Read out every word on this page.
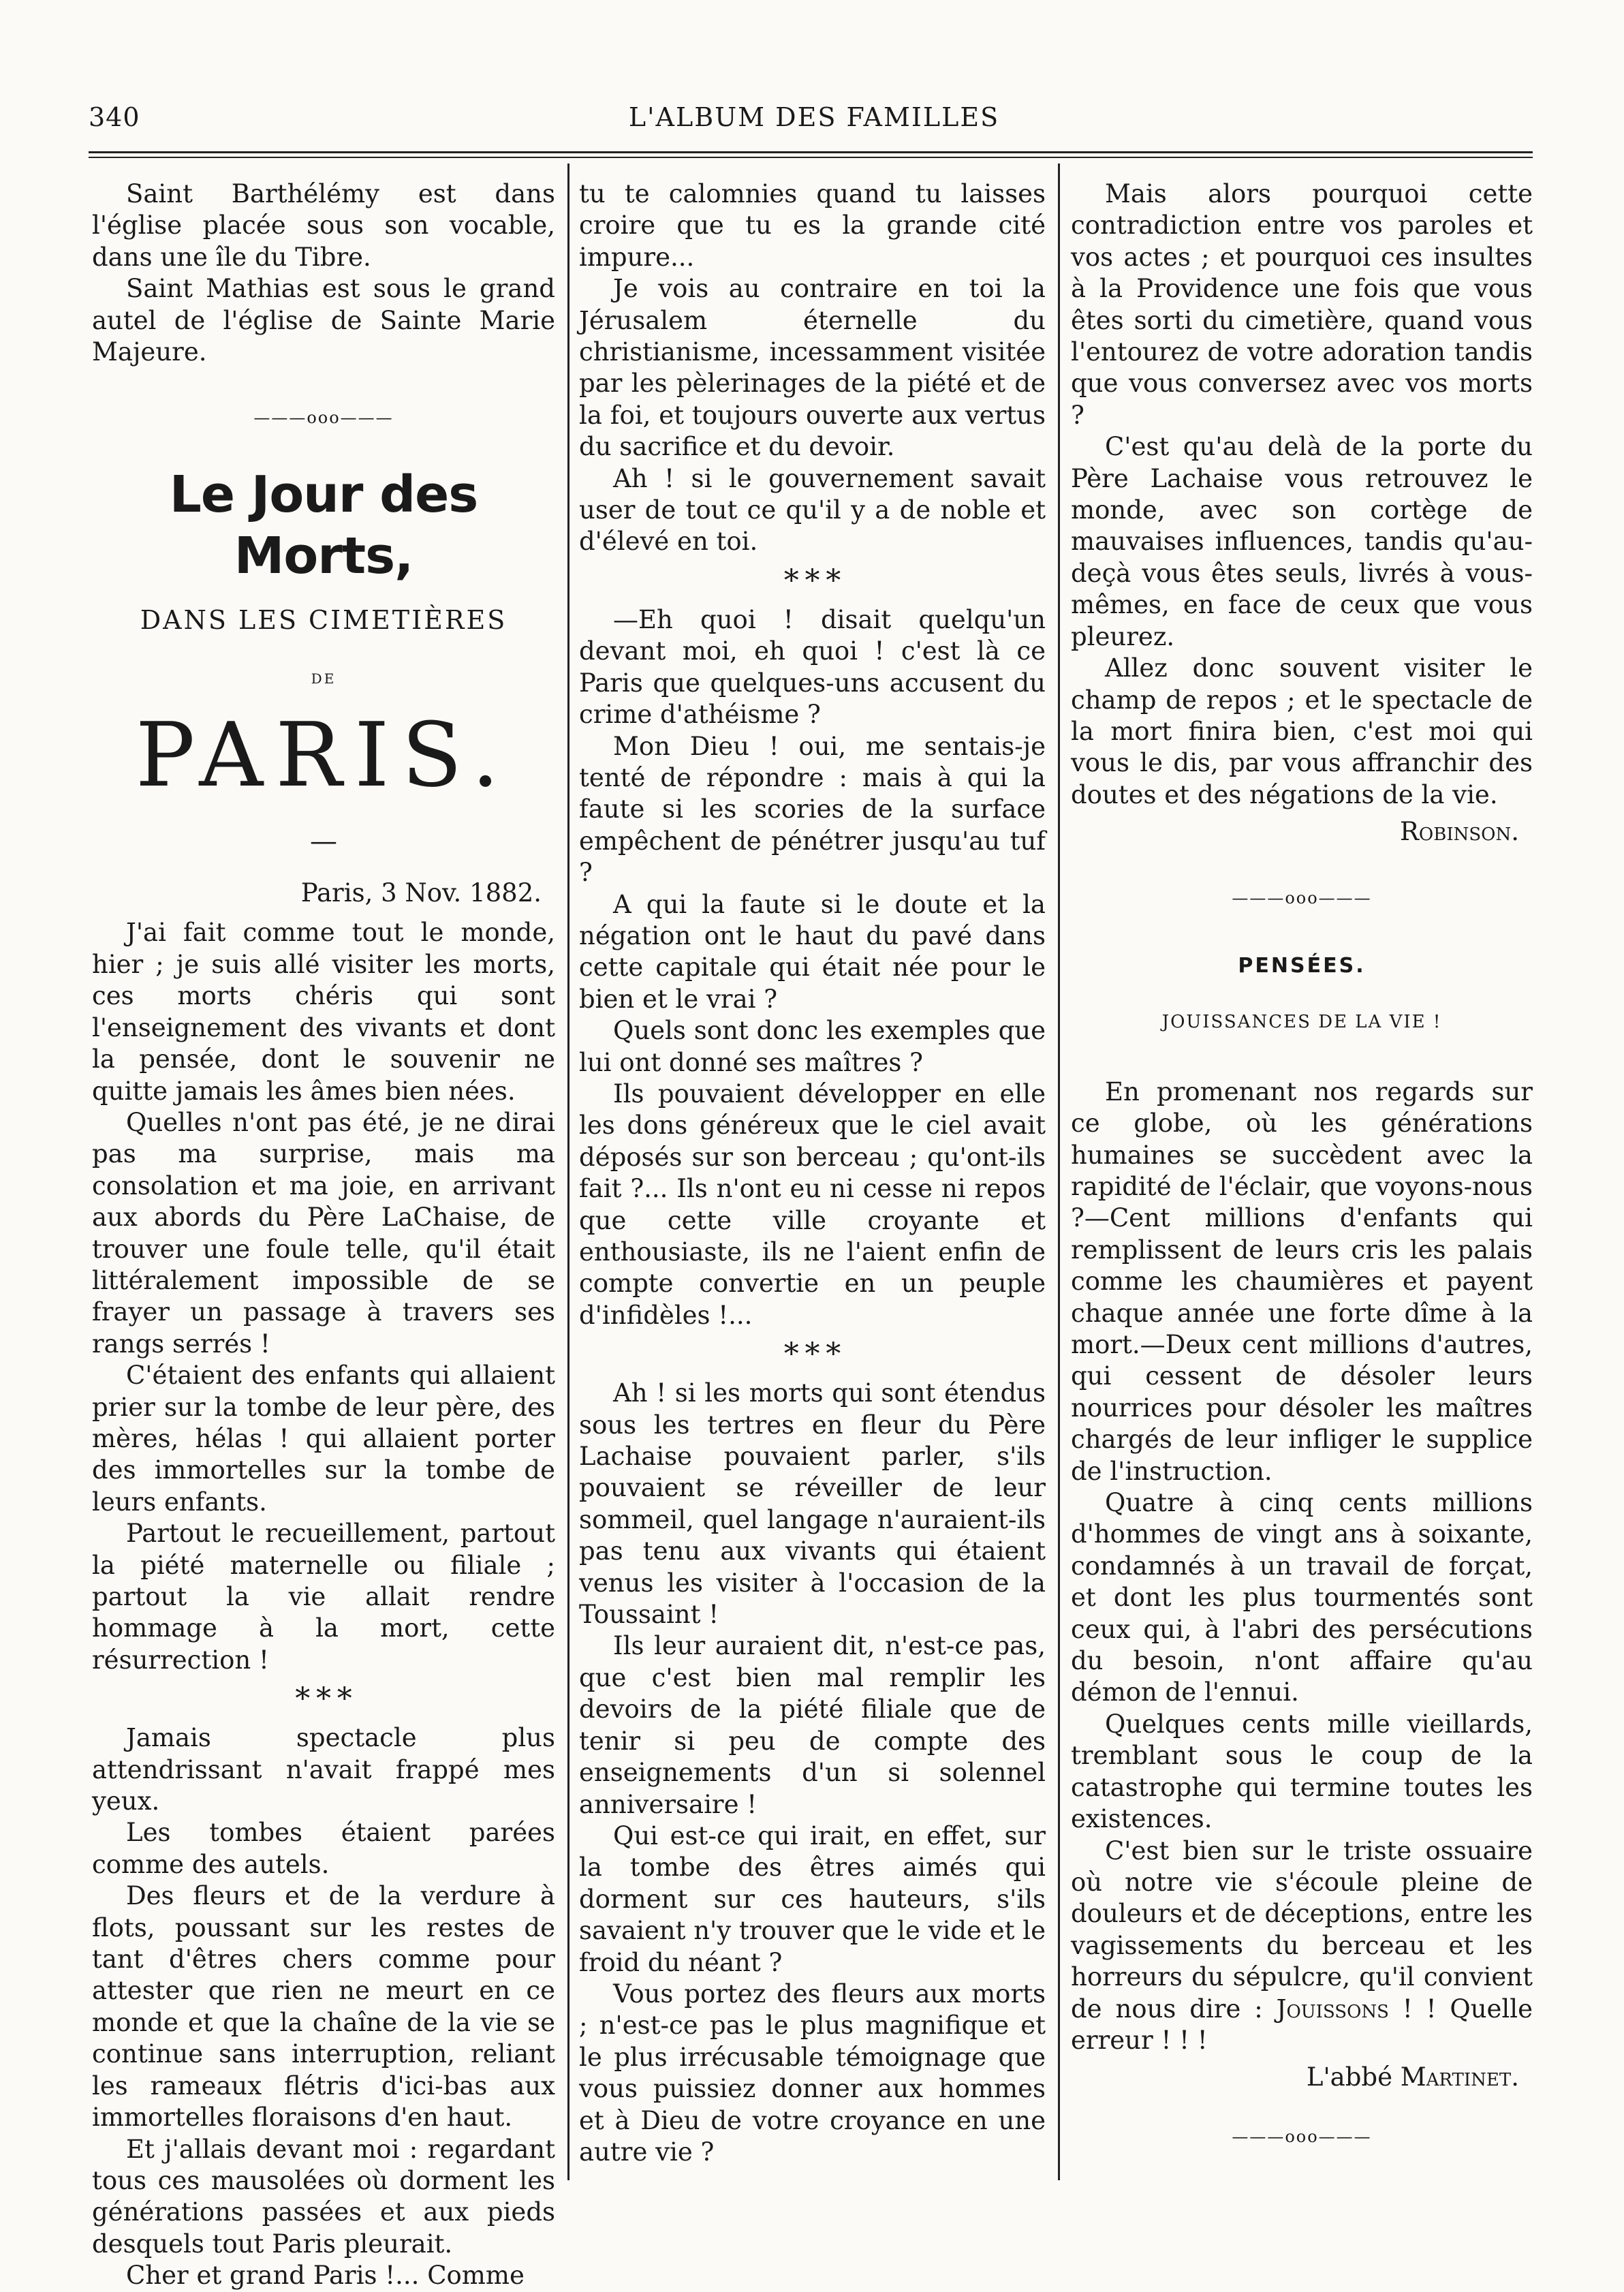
340	L'ALBUM DES FAMILLES

Saint Barthélémy est dans l'église placée sous son vocable, dans une île du Tibre.

Saint Mathias est sous le grand autel de l'église de Sainte Marie Majeure.

———ooo———
Le Jour des Morts,
DANS LES CIMETIÈRES
DE
PARIS.
—
Paris, 3 Nov. 1882.

J'ai fait comme tout le monde, hier ; je suis allé visiter les morts, ces morts chéris qui sont l'enseignement des vivants et dont la pensée, dont le souvenir ne quitte jamais les âmes bien nées.

Quelles n'ont pas été, je ne dirai pas ma surprise, mais ma consolation et ma joie, en arrivant aux abords du Père LaChaise, de trouver une foule telle, qu'il était littéralement impossible de se frayer un passage à travers ses rangs serrés !

C'étaient des enfants qui allaient prier sur la tombe de leur père, des mères, hélas ! qui allaient porter des immortelles sur la tombe de leurs enfants.

Partout le recueillement, partout la piété maternelle ou filiale ; partout la vie allait rendre hommage à la mort, cette résurrection !

* * *

Jamais spectacle plus attendrissant n'avait frappé mes yeux.

Les tombes étaient parées comme des autels.

Des fleurs et de la verdure à flots, poussant sur les restes de tant d'êtres chers comme pour attester que rien ne meurt en ce monde et que la chaîne de la vie se continue sans interruption, reliant les rameaux flétris d'ici-bas aux immortelles floraisons d'en haut.

Et j'allais devant moi : regardant tous ces mausolées où dorment les générations passées et aux pieds desquels tout Paris pleurait.

Cher et grand Paris !... Comme

tu te calomnies quand tu laisses croire que tu es la grande cité impure...

Je vois au contraire en toi la Jérusalem éternelle du christianisme, incessamment visitée par les pèlerinages de la piété et de la foi, et toujours ouverte aux vertus du sacrifice et du devoir.

Ah ! si le gouvernement savait user de tout ce qu'il y a de noble et d'élevé en toi.

* * *

—Eh quoi ! disait quelqu'un devant moi, eh quoi ! c'est là ce Paris que quelques-uns accusent du crime d'athéisme ?

Mon Dieu ! oui, me sentais-je tenté de répondre : mais à qui la faute si les scories de la surface empêchent de pénétrer jusqu'au tuf ?

A qui la faute si le doute et la négation ont le haut du pavé dans cette capitale qui était née pour le bien et le vrai ?

Quels sont donc les exemples que lui ont donné ses maîtres ?

Ils pouvaient développer en elle les dons généreux que le ciel avait déposés sur son berceau ; qu'ont-ils fait ?... Ils n'ont eu ni cesse ni repos que cette ville croyante et enthousiaste, ils ne l'aient enfin de compte convertie en un peuple d'infidèles !...

* * *

Ah ! si les morts qui sont étendus sous les tertres en fleur du Père Lachaise pouvaient parler, s'ils pouvaient se réveiller de leur sommeil, quel langage n'auraient-ils pas tenu aux vivants qui étaient venus les visiter à l'occasion de la Toussaint !

Ils leur auraient dit, n'est-ce pas, que c'est bien mal remplir les devoirs de la piété filiale que de tenir si peu de compte des enseignements d'un si solennel anniversaire !

Qui est-ce qui irait, en effet, sur la tombe des êtres aimés qui dorment sur ces hauteurs, s'ils savaient n'y trouver que le vide et le froid du néant ?

Vous portez des fleurs aux morts ; n'est-ce pas le plus magnifique et le plus irrécusable témoignage que vous puissiez donner aux hommes et à Dieu de votre croyance en une autre vie ?

Mais alors pourquoi cette contradiction entre vos paroles et vos actes ; et pourquoi ces insultes à la Providence une fois que vous êtes sorti du cimetière, quand vous l'entourez de votre adoration tandis que vous conversez avec vos morts ?

C'est qu'au delà de la porte du Père Lachaise vous retrouvez le monde, avec son cortège de mauvaises influences, tandis qu'au-deçà vous êtes seuls, livrés à vous-mêmes, en face de ceux que vous pleurez.

Allez donc souvent visiter le champ de repos ; et le spectacle de la mort finira bien, c'est moi qui vous le dis, par vous affranchir des doutes et des négations de la vie.

Robinson.
———ooo———
PENSÉES.
JOUISSANCES DE LA VIE !

En promenant nos regards sur ce globe, où les générations humaines se succèdent avec la rapidité de l'éclair, que voyons-nous ?—Cent millions d'enfants qui remplissent de leurs cris les palais comme les chaumières et payent chaque année une forte dîme à la mort.—Deux cent millions d'autres, qui cessent de désoler leurs nourrices pour désoler les maîtres chargés de leur infliger le supplice de l'instruction.

Quatre à cinq cents millions d'hommes de vingt ans à soixante, condamnés à un travail de forçat, et dont les plus tourmentés sont ceux qui, à l'abri des persécutions du besoin, n'ont affaire qu'au démon de l'ennui.

Quelques cents mille vieillards, tremblant sous le coup de la catastrophe qui termine toutes les existences.

C'est bien sur le triste ossuaire où notre vie s'écoule pleine de douleurs et de déceptions, entre les vagissements du berceau et les horreurs du sépulcre, qu'il convient de nous dire : Jouissons ! ! Quelle erreur ! ! !

L'abbé Martinet.
———ooo———
